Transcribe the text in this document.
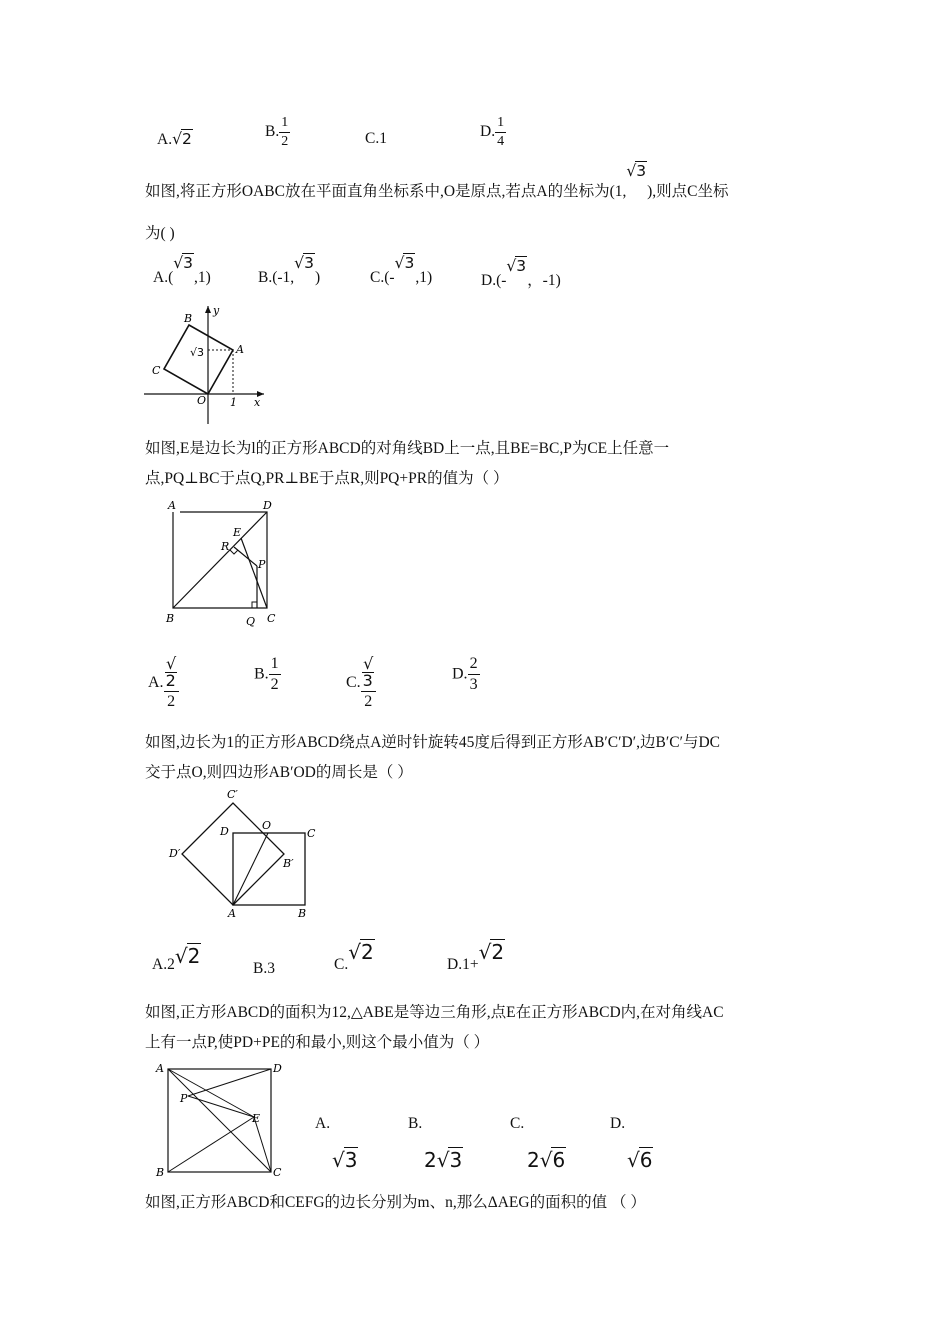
A.√2	B. $\frac{1}{2}$	C.1	D. $\frac{1}{4}$
如图,将正方形OABC放在平面直角坐标系中,O是原点,若点A的坐标为(1,√3),则点C坐标
为( )
A.(√3,1)	B.(-1,√3)	C.(-√3,1)	D.(-√3，-1)
B
A
C
O 1 x
y
√3
如图,E是边长为l的正方形ABCD的对角线BD上一点,且BE=BC,P为CE上任意一
点,PQ⊥BC于点Q,PR⊥BE于点R,则PQ+PR的值为（ ）
A	D
E
R
P
B	Q C
A. √
2
2	B. $\frac{1}{2}$	C. √
3
2	D. $\frac{2}{3}$
如图,边长为1的正方形ABCD绕点A逆时针旋转45度后得到正方形AB′C′D′,边B′C′与DC
交于点O,则四边形AB′OD的周长是（ ）
C′
D	O
C
D′
B′
A	B
A.2√2
B.3	C.√2
D.1+√2
如图,正方形ABCD的面积为12,△ABE是等边三角形,点E在正方形ABCD内,在对角线AC
上有一点P,使PD+PE的和最小,则这个最小值为（ ）
A	D
P
E
B	C
A.	B.	C.	D.
√3	2√3	2√6	√6
如图,正方形ABCD和CEFG的边长分别为m、n,那么ΔAEG的面积的值 （ ）
